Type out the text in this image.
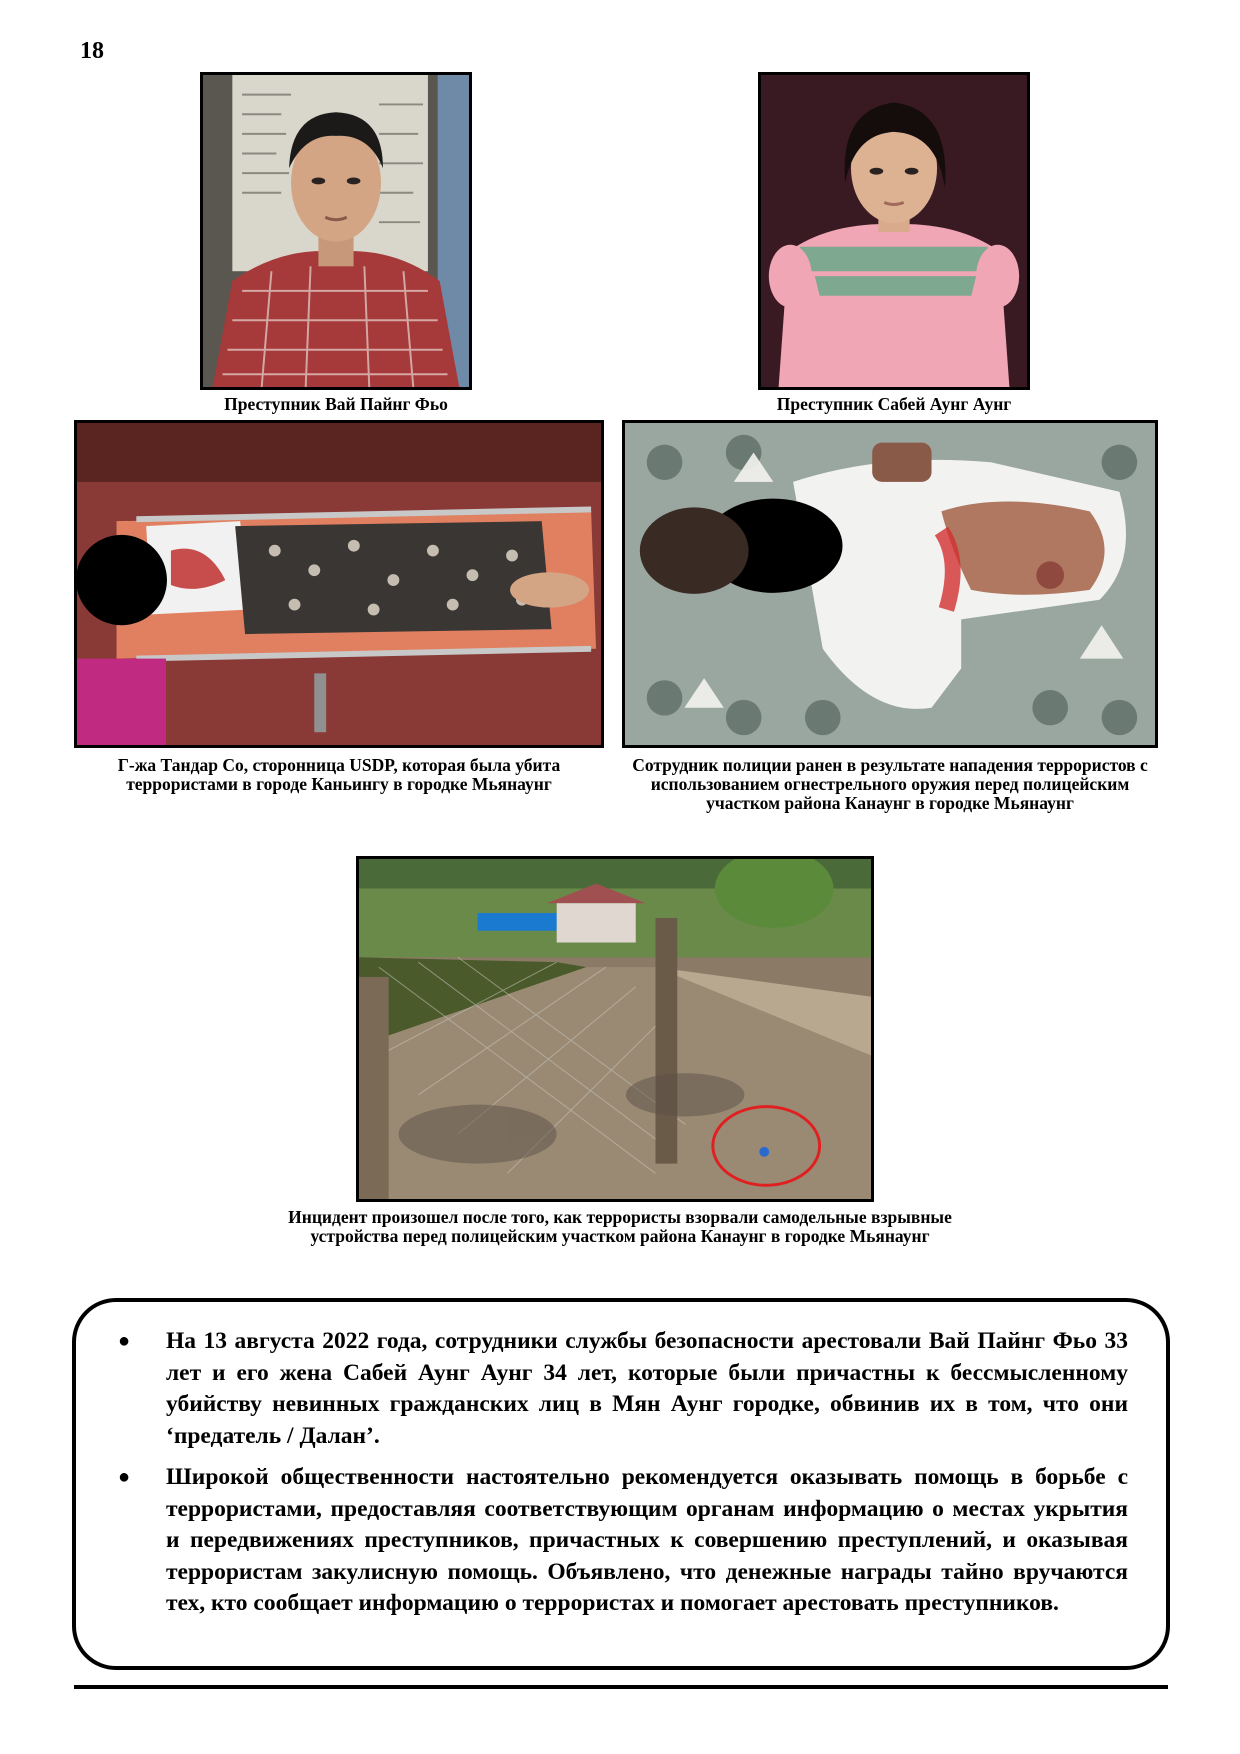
18
Преступник Вай Пайнг Фьо	Преступник Сабей Аунг Аунг
Г-жа Тандар Со, сторонница USDP, которая была убита террористами в городе Каньингу в городке Мьянаунг
Сотрудник полиции ранен в результате нападения террористов с использованием огнестрельного оружия перед полицейским участком района Канаунг в городке Мьянаунг
Инцидент произошел после того, как террористы взорвали самодельные взрывные устройства перед полицейским участком района Канаунг в городке Мьянаунг
● На 13 августа 2022 года, сотрудники службы безопасности арестовали Вай Пайнг Фьо 33 лет и его жена Сабей Аунг Аунг 34 лет, которые были причастны к бессмысленному убийству невинных гражданских лиц в Мян Аунг городке, обвинив их в том, что они ‘предатель / Далан’.
● Широкой общественности настоятельно рекомендуется оказывать помощь в борьбе с террористами, предоставляя соответствующим органам информацию о местах укрытия и передвижениях преступников, причастных к совершению преступлений, и оказывая террористам закулисную помощь. Объявлено, что денежные награды тайно вручаются тех, кто сообщает информацию о террористах и помогает арестовать преступников.
